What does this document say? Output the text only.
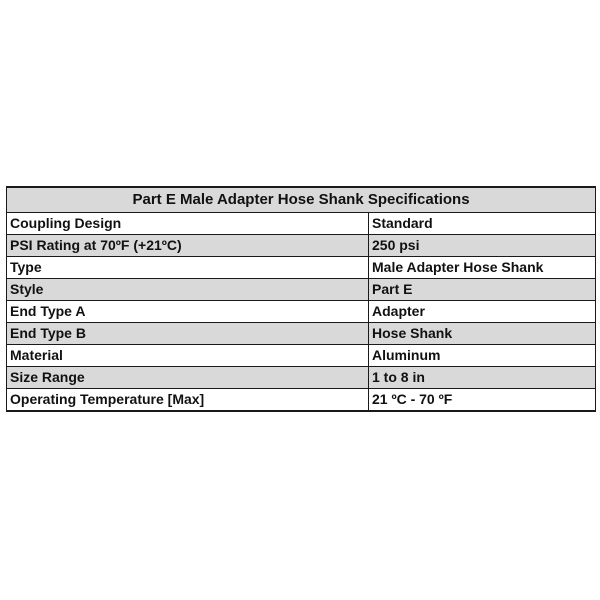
Part E Male Adapter Hose Shank Specifications	
Coupling Design	Standard
PSI Rating at 70ºF (+21ºC)	250 psi
Type	Male Adapter Hose Shank
Style	Part E
End Type A	Adapter
End Type B	Hose Shank
Material	Aluminum
Size Range	1 to 8 in
Operating Temperature [Max]	21 ºC - 70 ºF
